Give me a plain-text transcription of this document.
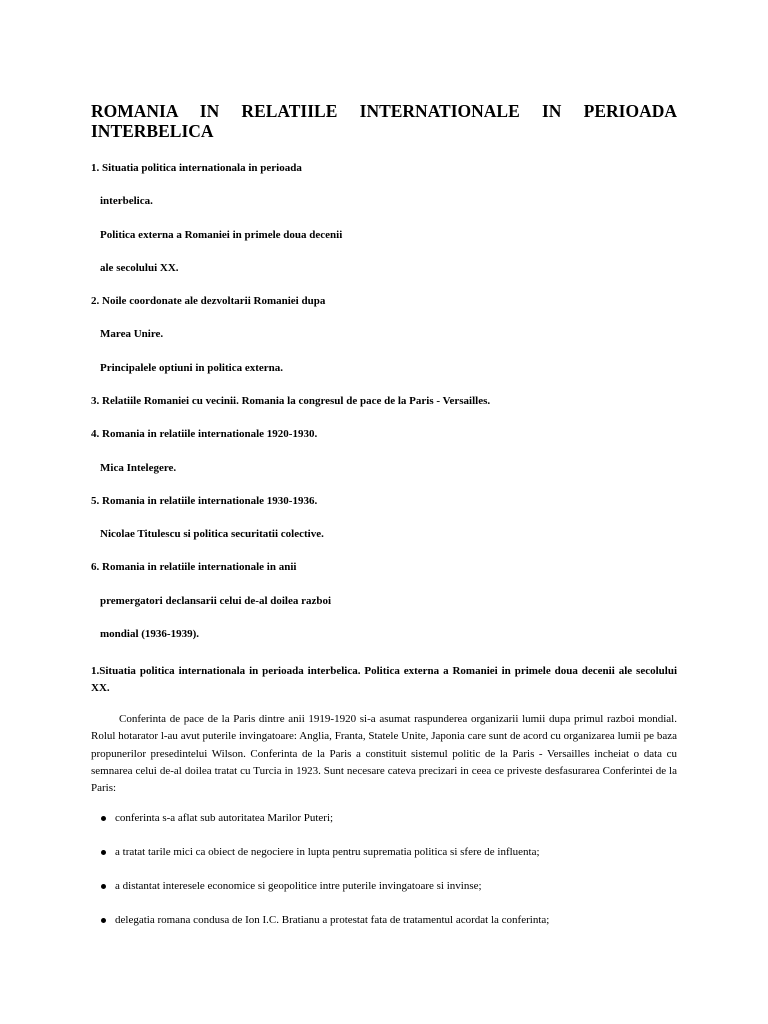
ROMANIA IN RELATIILE INTERNATIONALE IN PERIOADA
INTERBELICA

1. Situatia politica internationala in perioada

interbelica.

Politica externa a Romaniei in primele doua decenii

ale secolului XX.

2. Noile coordonate ale dezvoltarii Romaniei dupa

Marea Unire.

Principalele optiuni in politica externa.

3. Relatiile Romaniei cu vecinii. Romania la congresul de pace de la Paris - Versailles.

4. Romania in relatiile internationale 1920-1930.

Mica Intelegere.

5. Romania in relatiile internationale 1930-1936.

Nicolae Titulescu si politica securitatii colective.

6. Romania in relatiile internationale in anii

premergatori declansarii celui de-al doilea razboi

mondial (1936-1939).

1.Situatia politica internationala in perioada interbelica. Politica externa a Romaniei in primele doua decenii ale secolului XX.
Conferinta de pace de la Paris dintre anii 1919-1920 si-a asumat raspunderea organizarii lumii dupa primul razboi mondial. Rolul hotarator l-au avut puterile invingatoare: Anglia, Franta, Statele Unite, Japonia care sunt de acord cu organizarea lumii pe baza propunerilor presedintelui Wilson. Conferinta de la Paris a constituit sistemul politic de la Paris - Versailles incheiat o data cu semnarea celui de-al doilea tratat cu Turcia in 1923. Sunt necesare cateva precizari in ceea ce priveste desfasurarea Conferintei de la Paris:
conferinta s-a aflat sub autoritatea Marilor Puteri;
a tratat tarile mici ca obiect de negociere in lupta pentru suprematia politica si sfere de influenta;
a distantat interesele economice si geopolitice intre puterile invingatoare si invinse;
delegatia romana condusa de Ion I.C. Bratianu a protestat fata de tratamentul acordat la conferinta;
